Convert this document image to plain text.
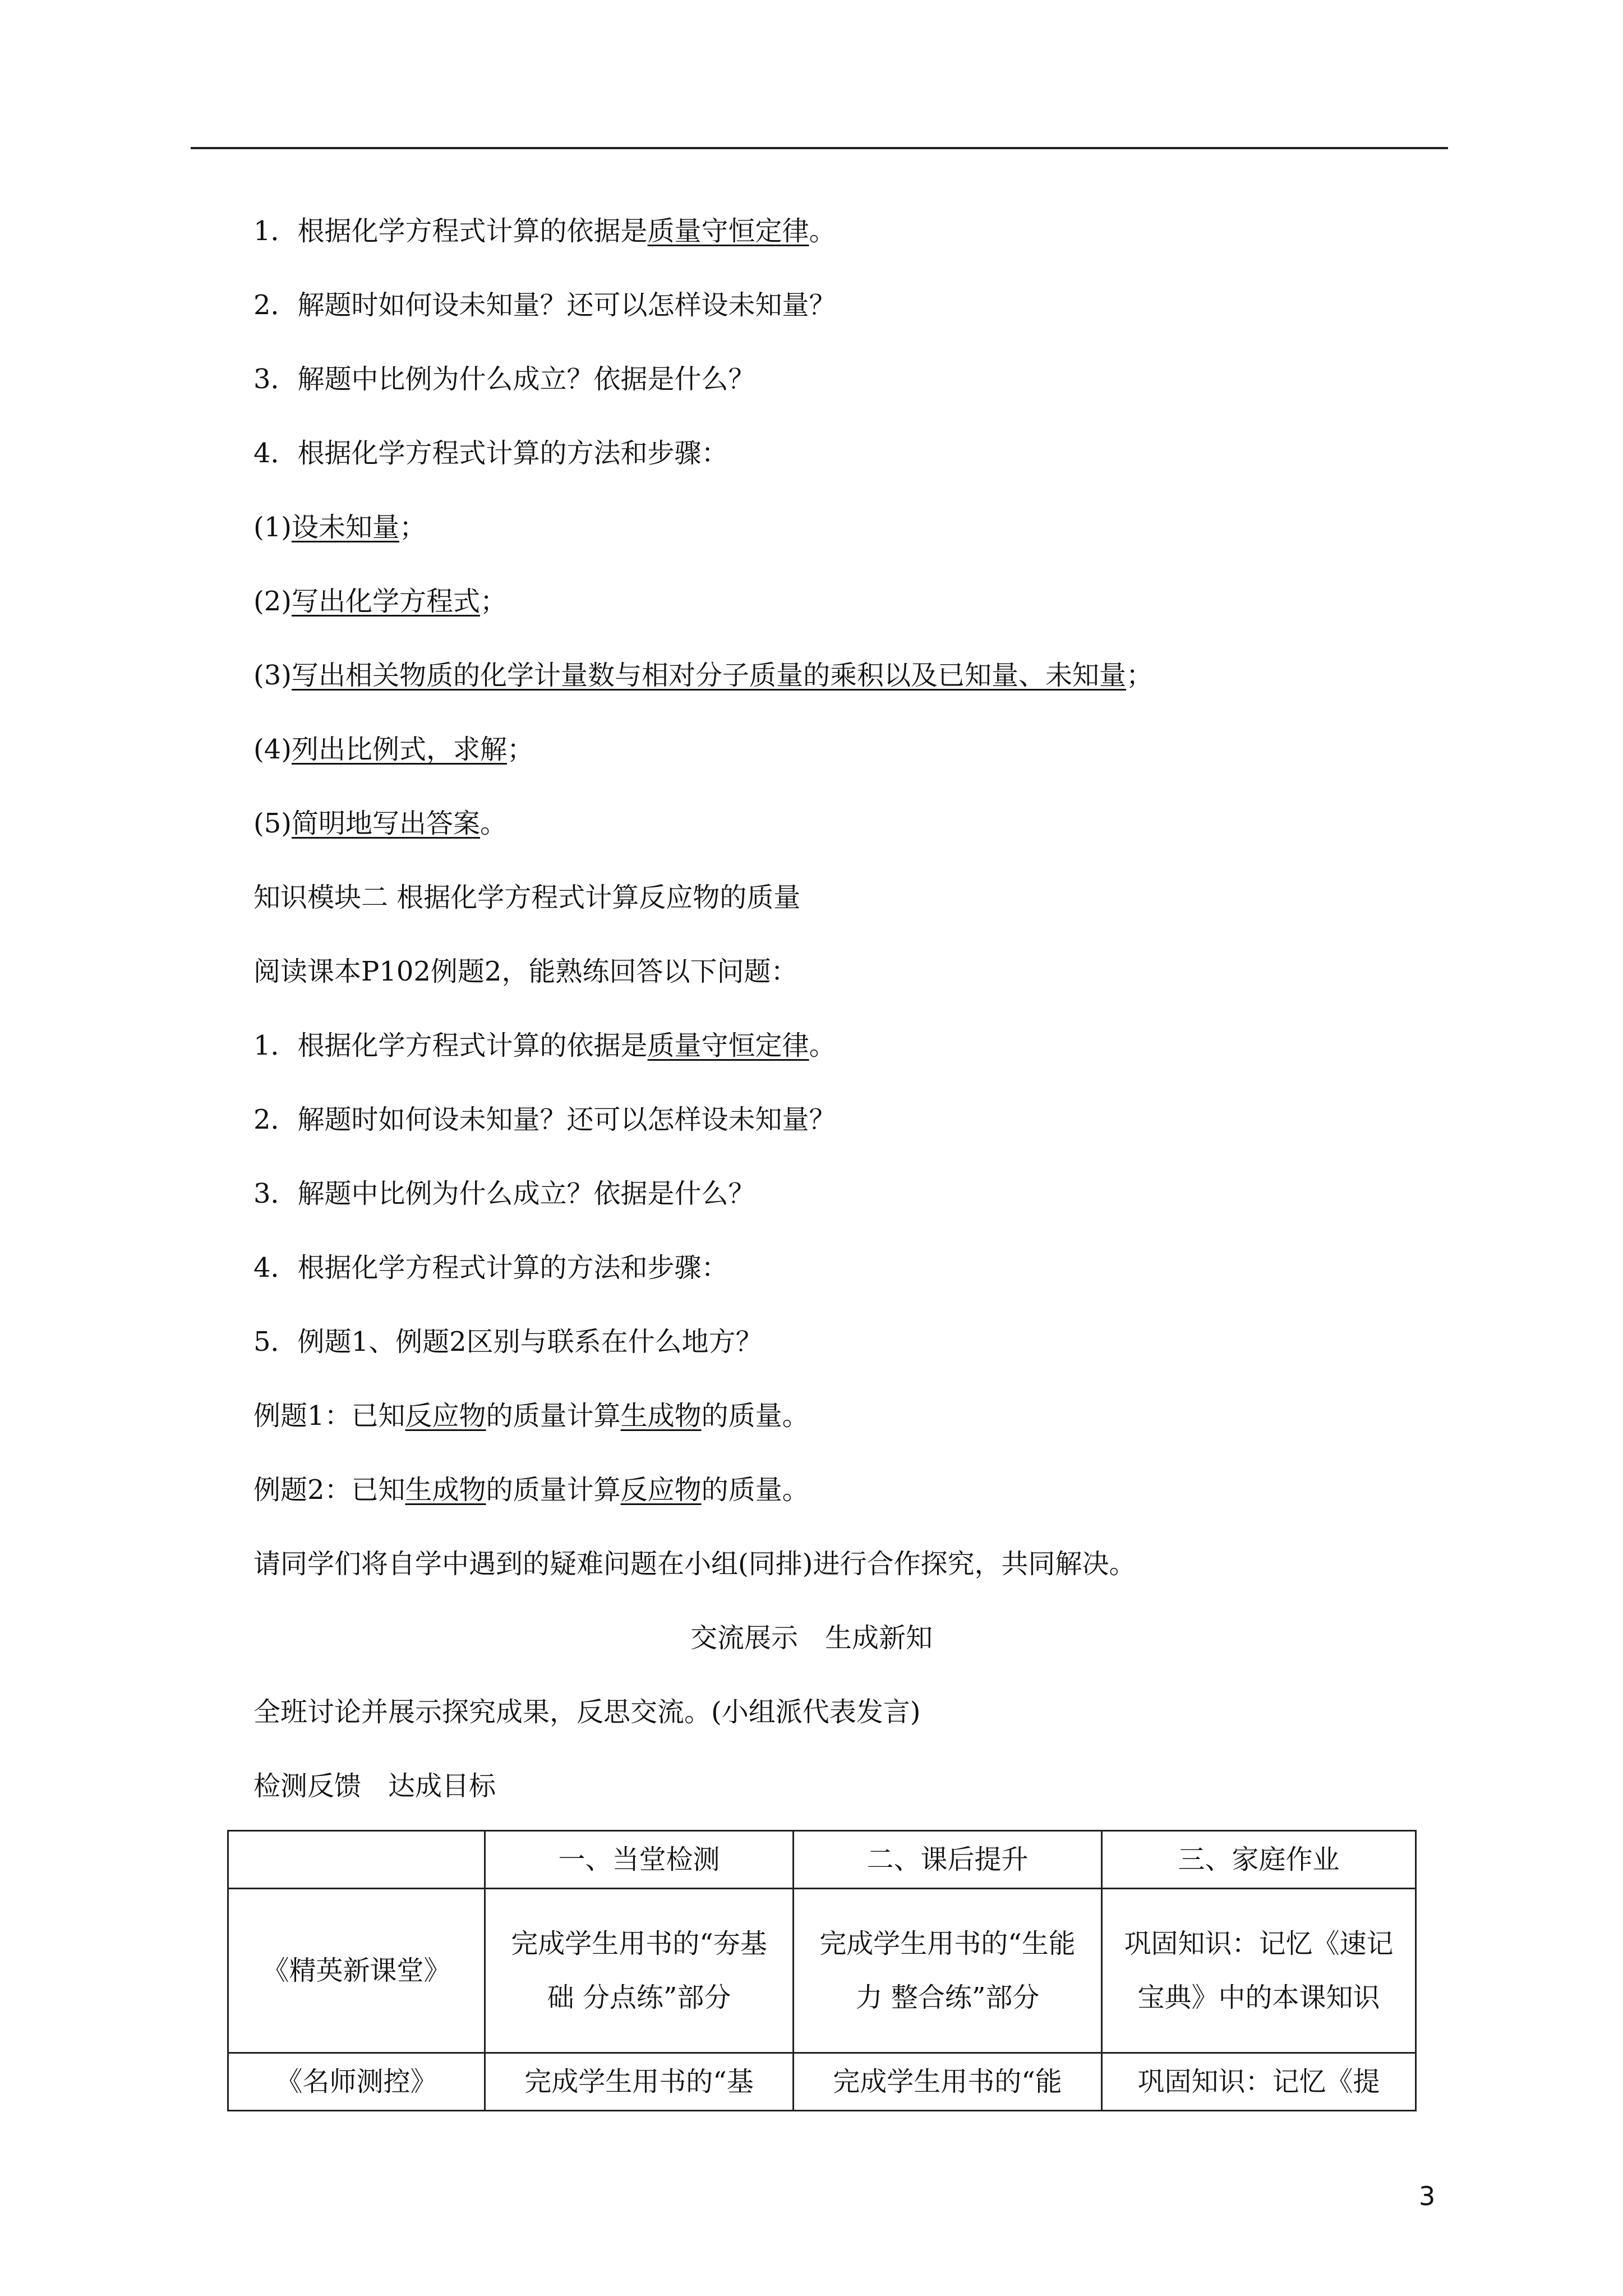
1．根据化学方程式计算的依据是质量守恒定律。

2．解题时如何设未知量？还可以怎样设未知量？

3．解题中比例为什么成立？依据是什么？

4．根据化学方程式计算的方法和步骤：

(1)设未知量；

(2)写出化学方程式；

(3)写出相关物质的化学计量数与相对分子质量的乘积以及已知量、未知量；

(4)列出比例式，求解；

(5)简明地写出答案。

知识模块二 根据化学方程式计算反应物的质量

阅读课本P102例题2，能熟练回答以下问题：

1．根据化学方程式计算的依据是质量守恒定律。

2．解题时如何设未知量？还可以怎样设未知量？

3．解题中比例为什么成立？依据是什么？

4．根据化学方程式计算的方法和步骤：

5．例题1、例题2区别与联系在什么地方？

例题1：已知反应物的质量计算生成物的质量。

例题2：已知生成物的质量计算反应物的质量。

请同学们将自学中遇到的疑难问题在小组(同排)进行合作探究，共同解决。

交流展示　生成新知

全班讨论并展示探究成果，反思交流。(小组派代表发言)

检测反馈　达成目标

	一、当堂检测	二、课后提升	三、家庭作业
《精英新课堂》	完成学生用书的“夯基础 分点练”部分	完成学生用书的“生能力 整合练”部分	巩固知识：记忆《速记宝典》中的本课知识
《名师测控》	完成学生用书的“基	完成学生用书的“能	巩固知识：记忆《提
3
